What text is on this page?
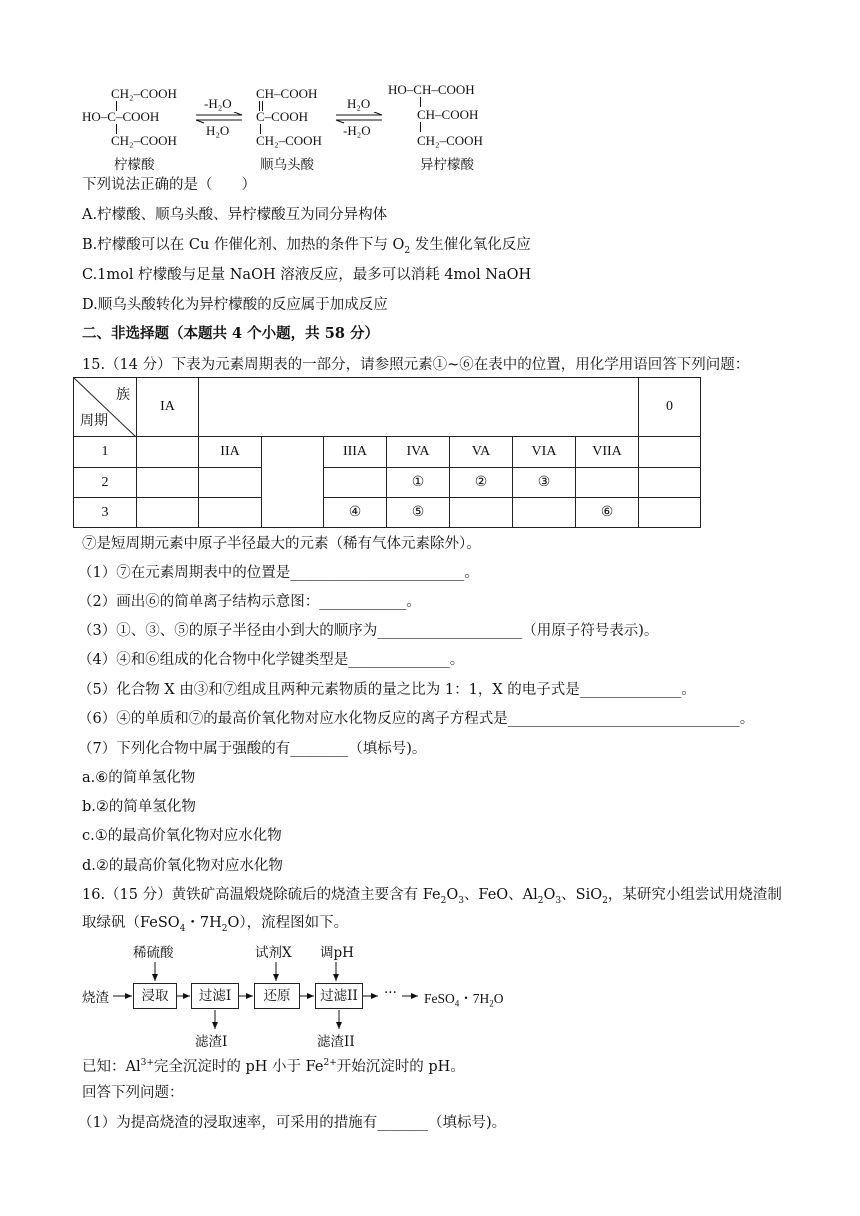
CH₂–COOH
HO–C–COOH
CH₂–COOH
柠檬酸
-H₂O
H₂O
CH–COOH
C–COOH
CH₂–COOH
顺乌头酸
H₂O
-H₂O
HO–CH–COOH
CH–COOH
CH₂–COOH
异柠檬酸
下列说法正确的是（　　）
A.柠檬酸、顺乌头酸、异柠檬酸互为同分异构体
B.柠檬酸可以在 Cu 作催化剂、加热的条件下与 $O_2$ 发生催化氧化反应
C.1mol 柠檬酸与足量 NaOH 溶液反应，最多可以消耗 4mol NaOH
D.顺乌头酸转化为异柠檬酸的反应属于加成反应
二、非选择题（本题共 4 个小题，共 58 分）
15.（14 分）下表为元素周期表的一部分，请参照元素①~⑥在表中的位置，用化学用语回答下列问题：
族
周期	IA								0
1		IIA		IIIA	IVA	VA	VIA	VIIA	
2					①	②	③		
3				④	⑤			⑥	
⑦是短周期元素中原子半径最大的元素（稀有气体元素除外）。
（1）⑦在元素周期表中的位置是________________________。
（2）画出⑥的简单离子结构示意图：____________。
（3）①、③、⑤的原子半径由小到大的顺序为____________________（用原子符号表示)。
（4）④和⑥组成的化合物中化学键类型是______________。
（5）化合物 X 由③和⑦组成且两种元素物质的量之比为 1：1，X 的电子式是______________。
（6）④的单质和⑦的最高价氧化物对应水化物反应的离子方程式是________________________________。
（7）下列化合物中属于强酸的有________（填标号)。
a.⑥的简单氢化物
b.②的简单氢化物
c.①的最高价氧化物对应水化物
d.②的最高价氧化物对应水化物
16.（15 分）黄铁矿高温煅烧除硫后的烧渣主要含有 $Fe_2O_3$、FeO、$Al_2O_3$、SiO$_2$，某研究小组尝试用烧渣制
取绿矾（FeSO$_4$・$7H_2O$），流程图如下。
烧渣	浸取	过滤I	还原	过滤II	··· FeSO$_4$・$7H_2O$
稀硫酸	试剂X 调pH
滤渣I	滤渣II
已知：$Al^{3+}$完全沉淀时的 pH 小于 $Fe^{2+}$开始沉淀时的 pH。
回答下列问题：
（1）为提高烧渣的浸取速率，可采用的措施有_______（填标号)。
